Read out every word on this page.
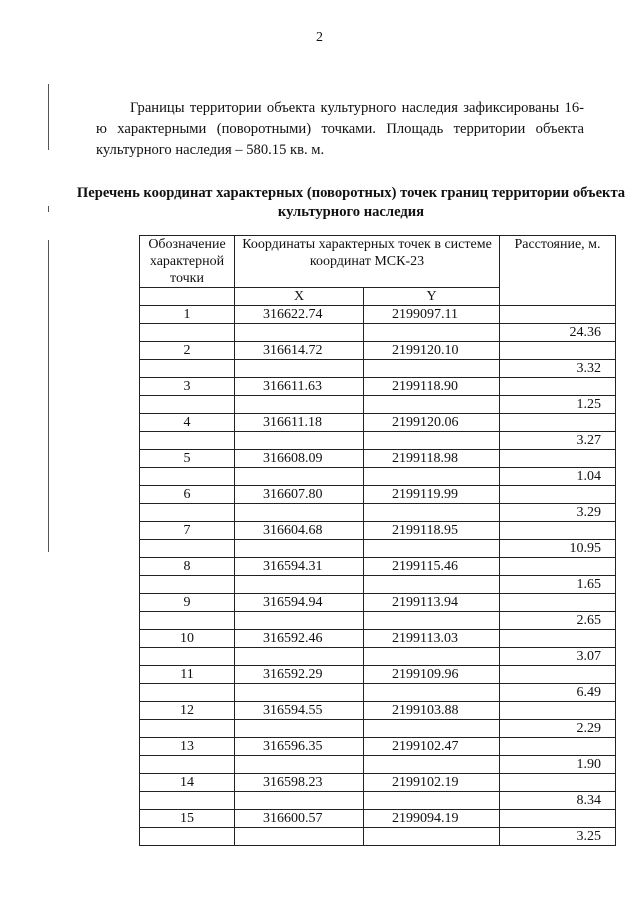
2

Границы территории объекта культурного наследия зафиксированы 16-ю характерными (поворотными) точками. Площадь территории объекта культурного наследия – 580.15 кв. м.

Перечень координат характерных (поворотных) точек границ территории объекта культурного наследия

Обозначение характерной точки	Координаты характерных точек в системе координат МСК-23		Расстояние, м.

	X	Y	
1	316622.74	2199097.11	
			24.36
2	316614.72	2199120.10	
			3.32
3	316611.63	2199118.90	
			1.25
4	316611.18	2199120.06	
			3.27
5	316608.09	2199118.98	
			1.04
6	316607.80	2199119.99	
			3.29
7	316604.68	2199118.95	
			10.95
8	316594.31	2199115.46	
			1.65
9	316594.94	2199113.94	
			2.65
10	316592.46	2199113.03	
			3.07
11	316592.29	2199109.96	
			6.49
12	316594.55	2199103.88	
			2.29
13	316596.35	2199102.47	
			1.90
14	316598.23	2199102.19	
			8.34
15	316600.57	2199094.19	
			3.25
